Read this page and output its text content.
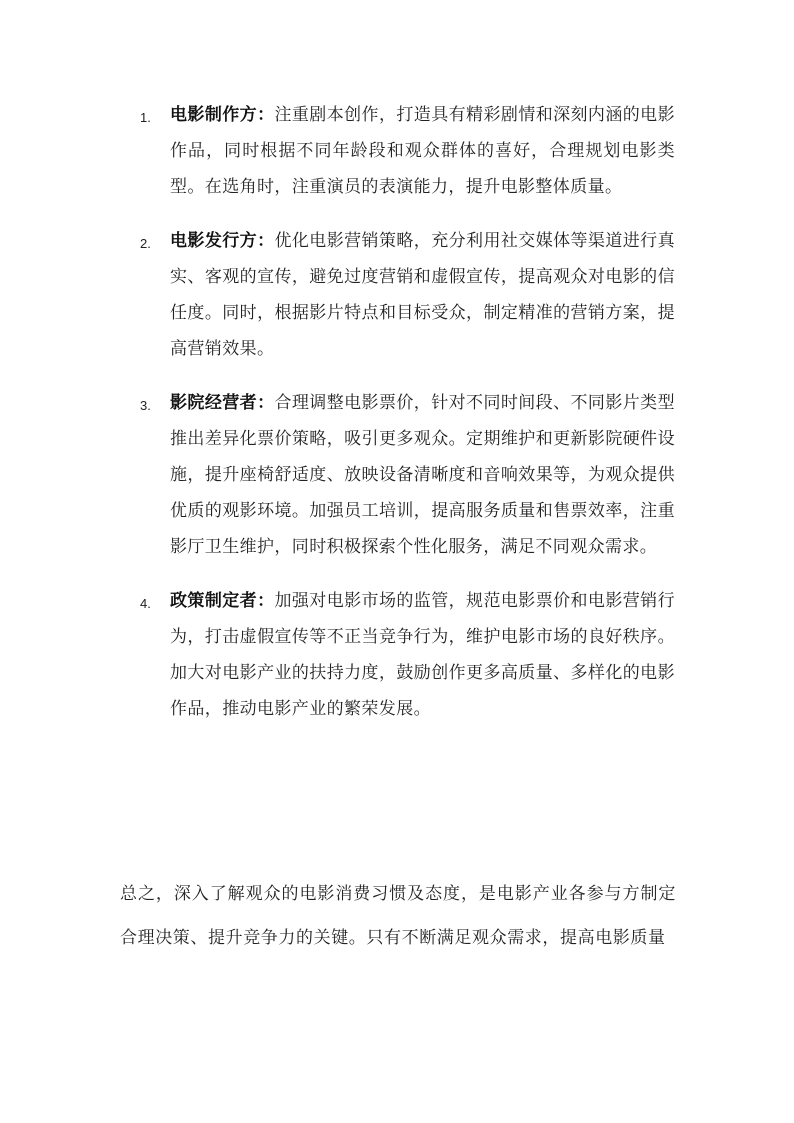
1. 电影制作方：注重剧本创作，打造具有精彩剧情和深刻内涵的电影作品，同时根据不同年龄段和观众群体的喜好，合理规划电影类型。在选角时，注重演员的表演能力，提升电影整体质量。
2. 电影发行方：优化电影营销策略，充分利用社交媒体等渠道进行真实、客观的宣传，避免过度营销和虚假宣传，提高观众对电影的信任度。同时，根据影片特点和目标受众，制定精准的营销方案，提高营销效果。
3. 影院经营者：合理调整电影票价，针对不同时间段、不同影片类型推出差异化票价策略，吸引更多观众。定期维护和更新影院硬件设施，提升座椅舒适度、放映设备清晰度和音响效果等，为观众提供优质的观影环境。加强员工培训，提高服务质量和售票效率，注重影厅卫生维护，同时积极探索个性化服务，满足不同观众需求。
4. 政策制定者：加强对电影市场的监管，规范电影票价和电影营销行为，打击虚假宣传等不正当竞争行为，维护电影市场的良好秩序。加大对电影产业的扶持力度，鼓励创作更多高质量、多样化的电影作品，推动电影产业的繁荣发展。

总之，深入了解观众的电影消费习惯及态度，是电影产业各参与方制定合理决策、提升竞争力的关键。只有不断满足观众需求，提高电影质量
